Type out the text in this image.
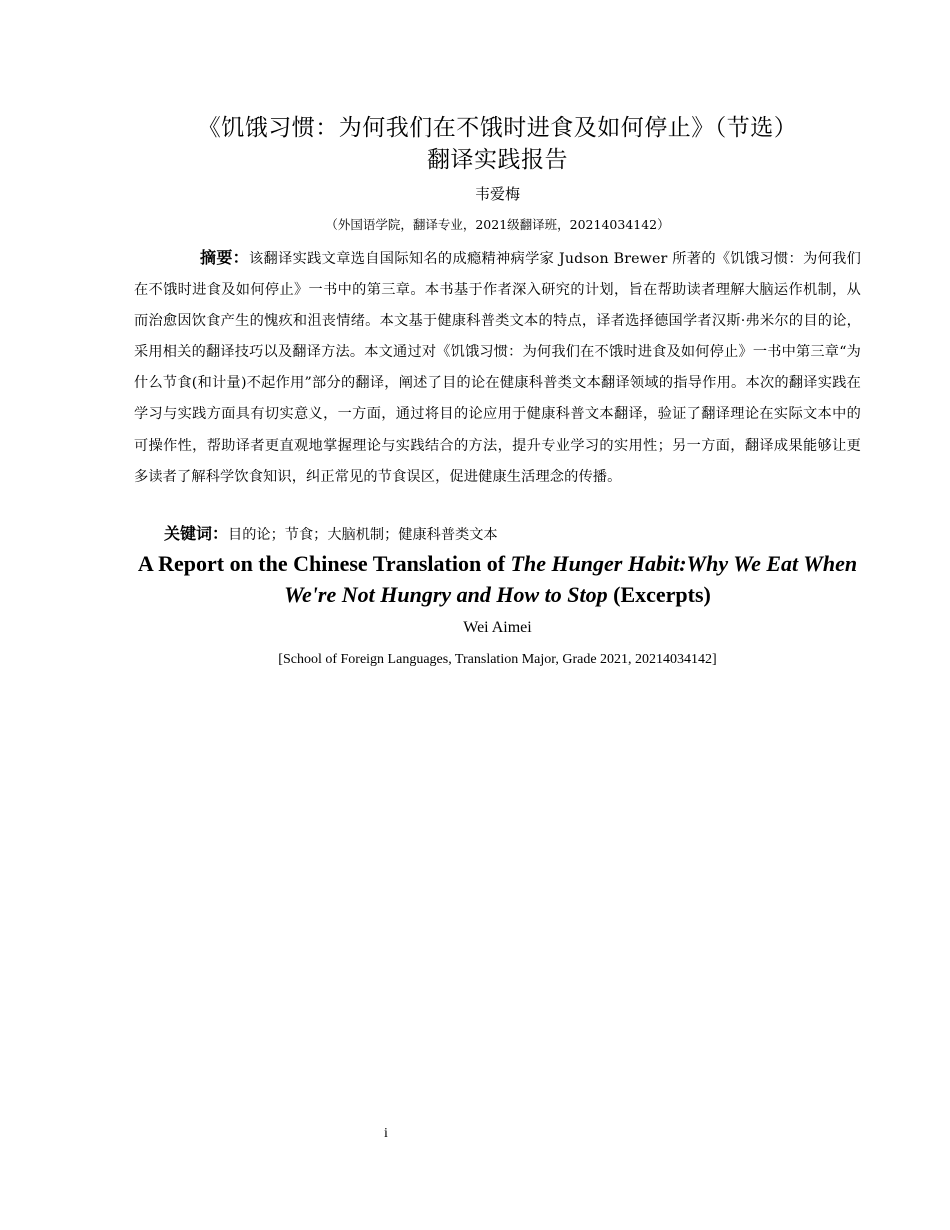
《饥饿习惯：为何我们在不饿时进食及如何停止》（节选）
翻译实践报告
韦爱梅
（外国语学院，翻译专业，2021级翻译班，20214034142）
摘要：该翻译实践文章选自国际知名的成瘾精神病学家 Judson Brewer 所著的《饥饿习惯：为何我们在不饿时进食及如何停止》一书中的第三章。本书基于作者深入研究的计划，旨在帮助读者理解大脑运作机制，从而治愈因饮食产生的愧疚和沮丧情绪。本文基于健康科普类文本的特点，译者选择德国学者汉斯·弗米尔的目的论，采用相关的翻译技巧以及翻译方法。本文通过对《饥饿习惯：为何我们在不饿时进食及如何停止》一书中第三章“为什么节食(和计量)不起作用”部分的翻译，阐述了目的论在健康科普类文本翻译领域的指导作用。本次的翻译实践在学习与实践方面具有切实意义，一方面，通过将目的论应用于健康科普文本翻译，验证了翻译理论在实际文本中的可操作性，帮助译者更直观地掌握理论与实践结合的方法，提升专业学习的实用性；另一方面，翻译成果能够让更多读者了解科学饮食知识，纠正常见的节食误区，促进健康生活理念的传播。
关键词：目的论；节食；大脑机制；健康科普类文本
A Report on the Chinese Translation of The Hunger Habit:Why We Eat When
We're Not Hungry and How to Stop (Excerpts)
Wei Aimei
[School of Foreign Languages, Translation Major, Grade 2021, 20214034142]
i
